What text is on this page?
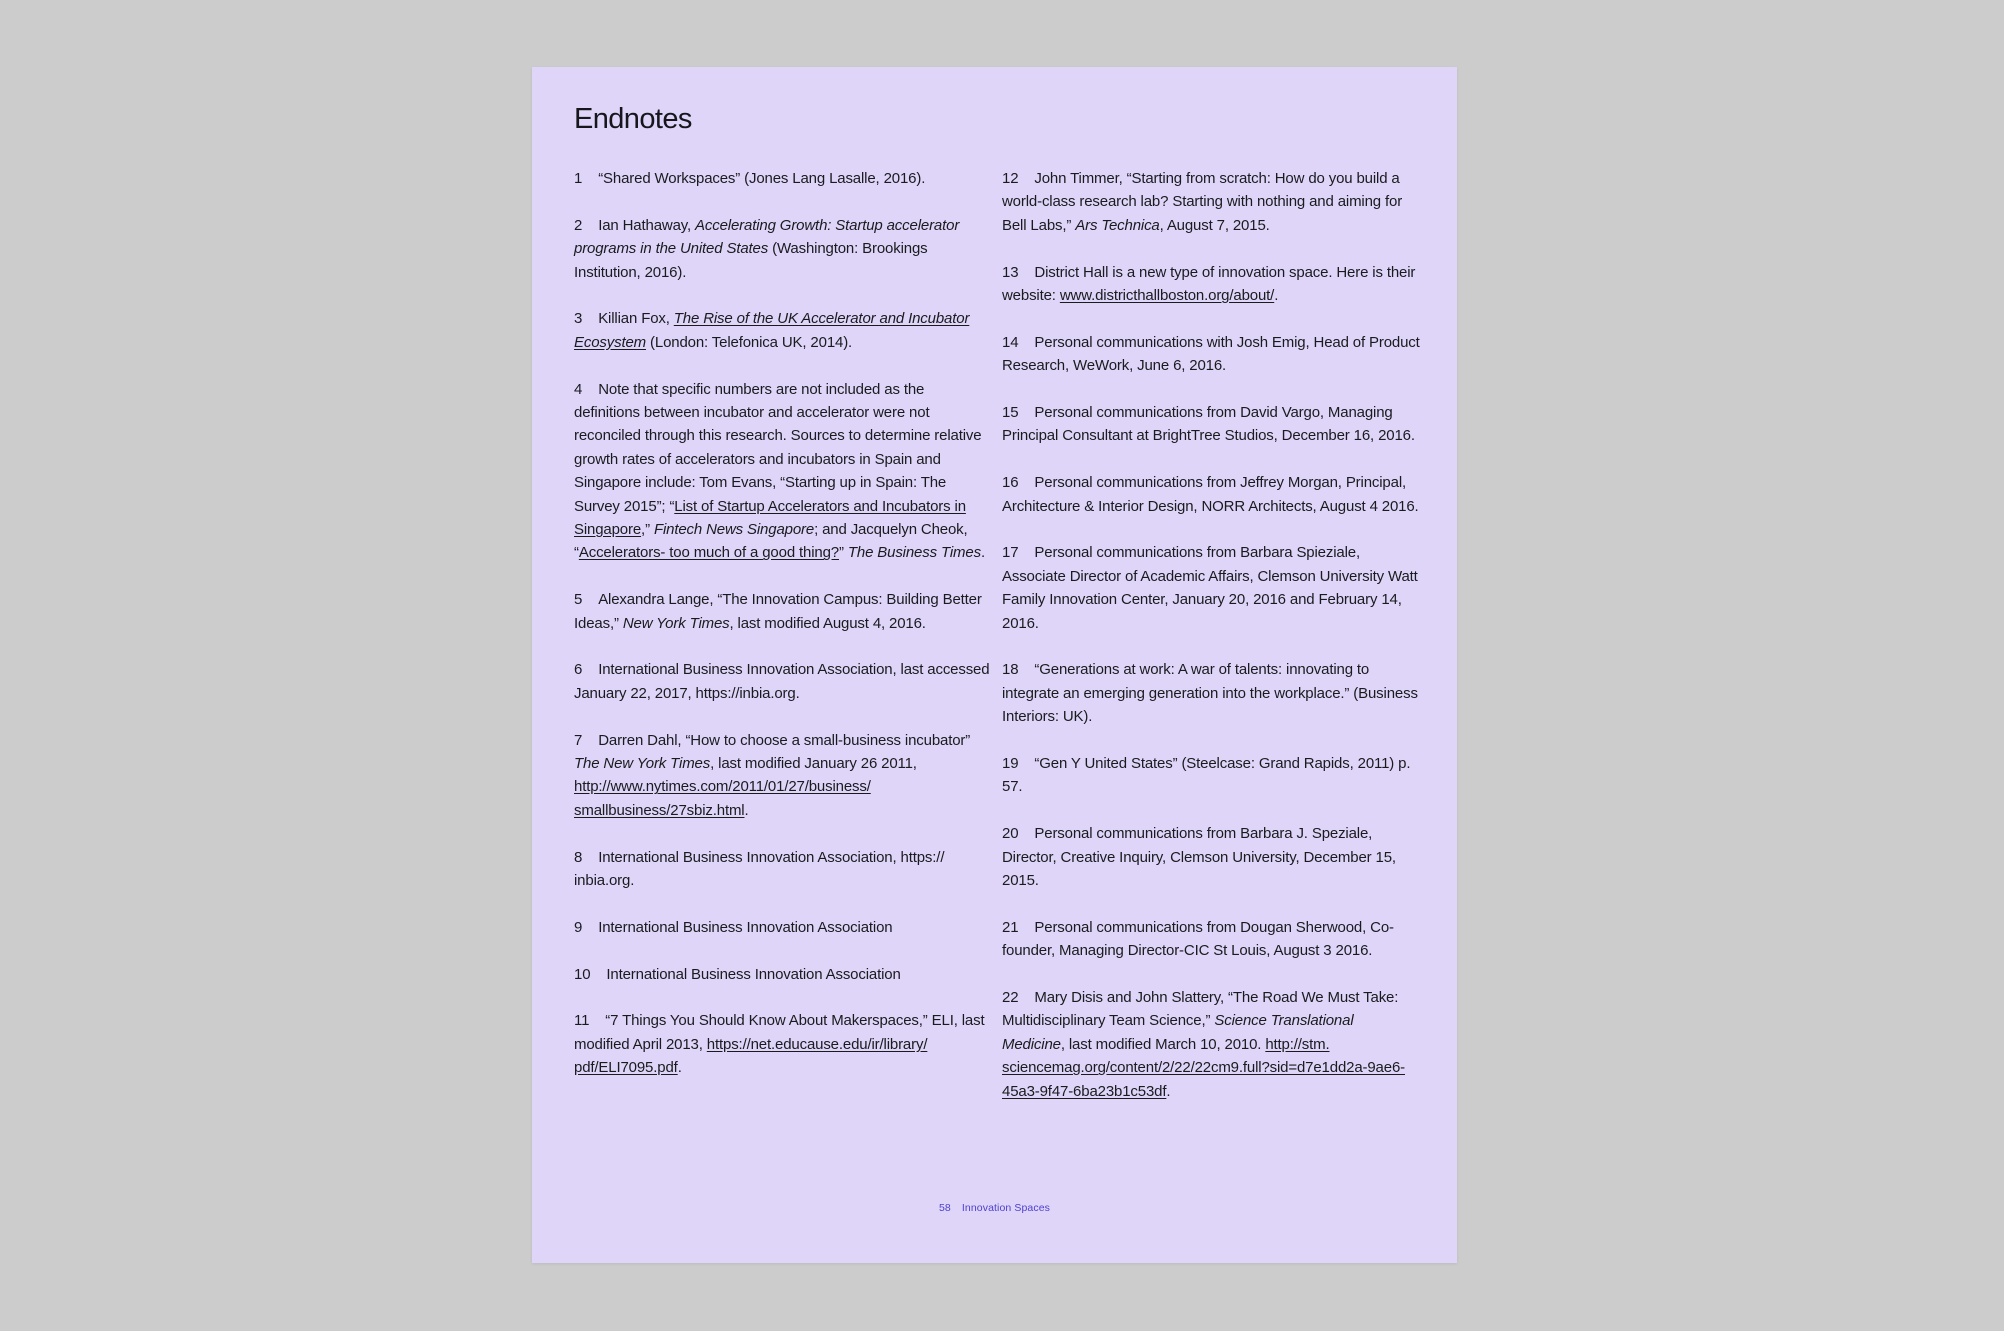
Endnotes

1 “Shared Workspaces” (Jones Lang Lasalle, 2016).

2 Ian Hathaway, Accelerating Growth: Startup accelerator programs in the United States (Washington: Brookings Institution, 2016).

3 Killian Fox, The Rise of the UK Accelerator and Incubator Ecosystem (London: Telefonica UK, 2014).

4 Note that specific numbers are not included as the definitions between incubator and accelerator were not reconciled through this research. Sources to determine relative growth rates of accelerators and incubators in Spain and Singapore include: Tom Evans, “Starting up in Spain: The Survey 2015”; “List of Startup Accelerators and Incubators in Singapore,” Fintech News Singapore; and Jacquelyn Cheok, “Accelerators- too much of a good thing?” The Business Times.

5 Alexandra Lange, “The Innovation Campus: Building Better Ideas,” New York Times, last modified August 4, 2016.

6 International Business Innovation Association, last accessed January 22, 2017, https://inbia.org.

7 Darren Dahl, “How to choose a small-business incubator” The New York Times, last modified January 26 2011, http://www.nytimes.com/2011/01/27/business/ smallbusiness/27sbiz.html.

8 International Business Innovation Association, https:// inbia.org.

9 International Business Innovation Association

10 International Business Innovation Association

11 “7 Things You Should Know About Makerspaces,” ELI, last modified April 2013, https://net.educause.edu/ir/library/ pdf/ELI7095.pdf.

12 John Timmer, “Starting from scratch: How do you build a world-class research lab? Starting with nothing and aiming for Bell Labs,” Ars Technica, August 7, 2015.

13 District Hall is a new type of innovation space. Here is their website: www.districthallboston.org/about/.

14 Personal communications with Josh Emig, Head of Product Research, WeWork, June 6, 2016.

15 Personal communications from David Vargo, Managing Principal Consultant at BrightTree Studios, December 16, 2016.

16 Personal communications from Jeffrey Morgan, Principal, Architecture & Interior Design, NORR Architects, August 4 2016.

17 Personal communications from Barbara Spieziale, Associate Director of Academic Affairs, Clemson University Watt Family Innovation Center, January 20, 2016 and February 14, 2016.

18 “Generations at work: A war of talents: innovating to integrate an emerging generation into the workplace.” (Business Interiors: UK).

19 “Gen Y United States” (Steelcase: Grand Rapids, 2011) p. 57.

20 Personal communications from Barbara J. Speziale, Director, Creative Inquiry, Clemson University, December 15, 2015.

21 Personal communications from Dougan Sherwood, Co-founder, Managing Director-CIC St Louis, August 3 2016.

22 Mary Disis and John Slattery, “The Road We Must Take: Multidisciplinary Team Science,” Science Translational Medicine, last modified March 10, 2010. http://stm. sciencemag.org/content/2/22/22cm9.full?sid=d7e1dd2a-9ae6-45a3-9f47-6ba23b1c53df.

58 Innovation Spaces
